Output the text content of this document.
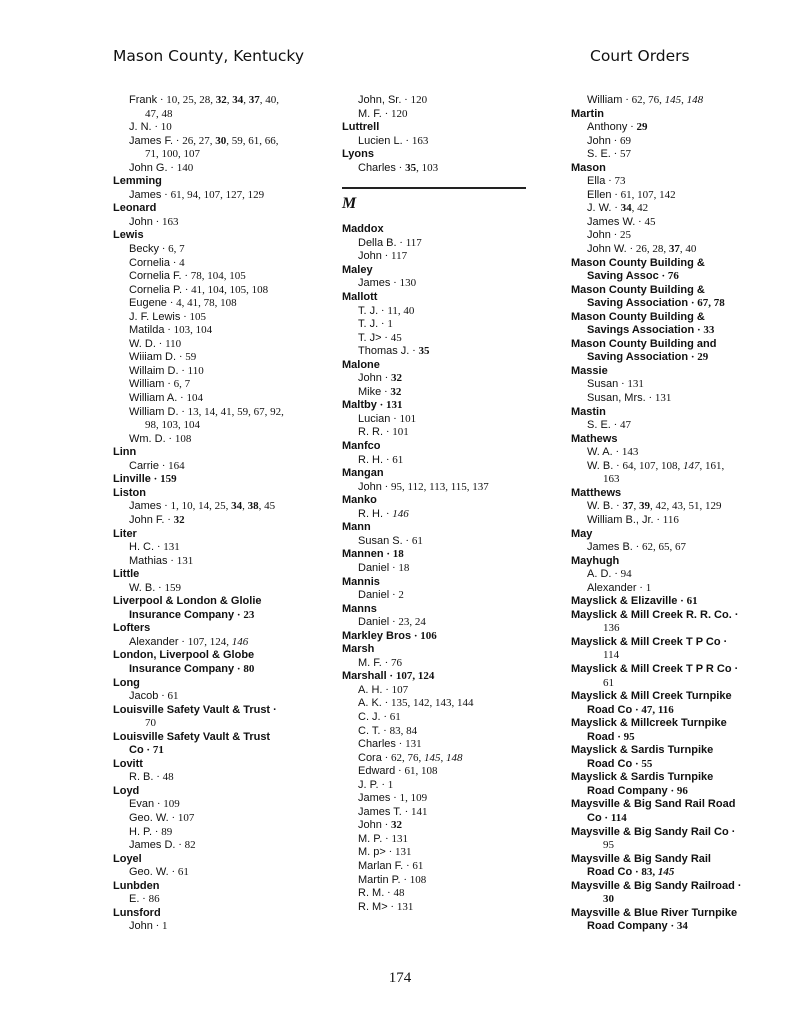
Mason County, Kentucky	Court Orders
Frank · 10, 25, 28, 32, 34, 37, 40,
47, 48
J. N. · 10
James F. · 26, 27, 30, 59, 61, 66,
71, 100, 107
John G. · 140
Lemming
James · 61, 94, 107, 127, 129
Leonard
John · 163
Lewis
Becky · 6, 7
Cornelia · 4
Cornelia F. · 78, 104, 105
Cornelia P. · 41, 104, 105, 108
Eugene · 4, 41, 78, 108
J. F. Lewis · 105
Matilda · 103, 104
W. D. · 110
Wiiiam D. · 59
Willaim D. · 110
William · 6, 7
William A. · 104
William D. · 13, 14, 41, 59, 67, 92,
98, 103, 104
Wm. D. · 108
Linn
Carrie · 164
Linville · 159
Liston
James · 1, 10, 14, 25, 34, 38, 45
John F. · 32
Liter
H. C. · 131
Mathias · 131
Little
W. B. · 159
Liverpool & London & Glolie
Insurance Company · 23
Lofters
Alexander · 107, 124, 146
London, Liverpool & Globe
Insurance Company · 80
Long
Jacob · 61
Louisville Safety Vault & Trust ·
70
Louisville Safety Vault & Trust
Co · 71
Lovitt
R. B. · 48
Loyd
Evan · 109
Geo. W. · 107
H. P. · 89
James D. · 82
Loyel
Geo. W. · 61
Lunbden
E. · 86
Lunsford
John · 1
John, Sr. · 120
M. F. · 120
Luttrell
Lucien L. · 163
Lyons
Charles · 35, 103
M
Maddox
Della B. · 117
John · 117
Maley
James · 130
Mallott
T. J. · 11, 40
T. J. · 1
T. J> · 45
Thomas J. · 35
Malone
John · 32
Mike · 32
Maltby · 131
Lucian · 101
R. R. · 101
Manfco
R. H. · 61
Mangan
John · 95, 112, 113, 115, 137
Manko
R. H. · 146
Mann
Susan S. · 61
Mannen · 18
Daniel · 18
Mannis
Daniel · 2
Manns
Daniel · 23, 24
Markley Bros · 106
Marsh
M. F. · 76
Marshall · 107, 124
A. H. · 107
A. K. · 135, 142, 143, 144
C. J. · 61
C. T. · 83, 84
Charles · 131
Cora · 62, 76, 145, 148
Edward · 61, 108
J. P. · 1
James · 1, 109
James T. · 141
John · 32
M. P. · 131
M. p> · 131
Marlan F. · 61
Martin P. · 108
R. M. · 48
R. M> · 131
William · 62, 76, 145, 148
Martin
Anthony · 29
John · 69
S. E. · 57
Mason
Ella · 73
Ellen · 61, 107, 142
J. W. · 34, 42
James W. · 45
John · 25
John W. · 26, 28, 37, 40
Mason County Building &
Saving Assoc · 76
Mason County Building &
Saving Association · 67, 78
Mason County Building &
Savings Association · 33
Mason County Building and
Saving Association · 29
Massie
Susan · 131
Susan, Mrs. · 131
Mastin
S. E. · 47
Mathews
W. A. · 143
W. B. · 64, 107, 108, 147, 161,
163
Matthews
W. B. · 37, 39, 42, 43, 51, 129
William B., Jr. · 116
May
James B. · 62, 65, 67
Mayhugh
A. D. · 94
Alexander · 1
Mayslick & Elizaville · 61
Mayslick & Mill Creek R. R. Co. ·
136
Mayslick & Mill Creek T P Co ·
114
Mayslick & Mill Creek T P R Co ·
61
Mayslick & Mill Creek Turnpike
Road Co · 47, 116
Mayslick & Millcreek Turnpike
Road · 95
Mayslick & Sardis Turnpike
Road Co · 55
Mayslick & Sardis Turnpike
Road Company · 96
Maysville & Big Sand Rail Road
Co · 114
Maysville & Big Sandy Rail Co ·
95
Maysville & Big Sandy Rail
Road Co · 83, 145
Maysville & Big Sandy Railroad ·
30
Maysville & Blue River Turnpike
Road Company · 34
174
